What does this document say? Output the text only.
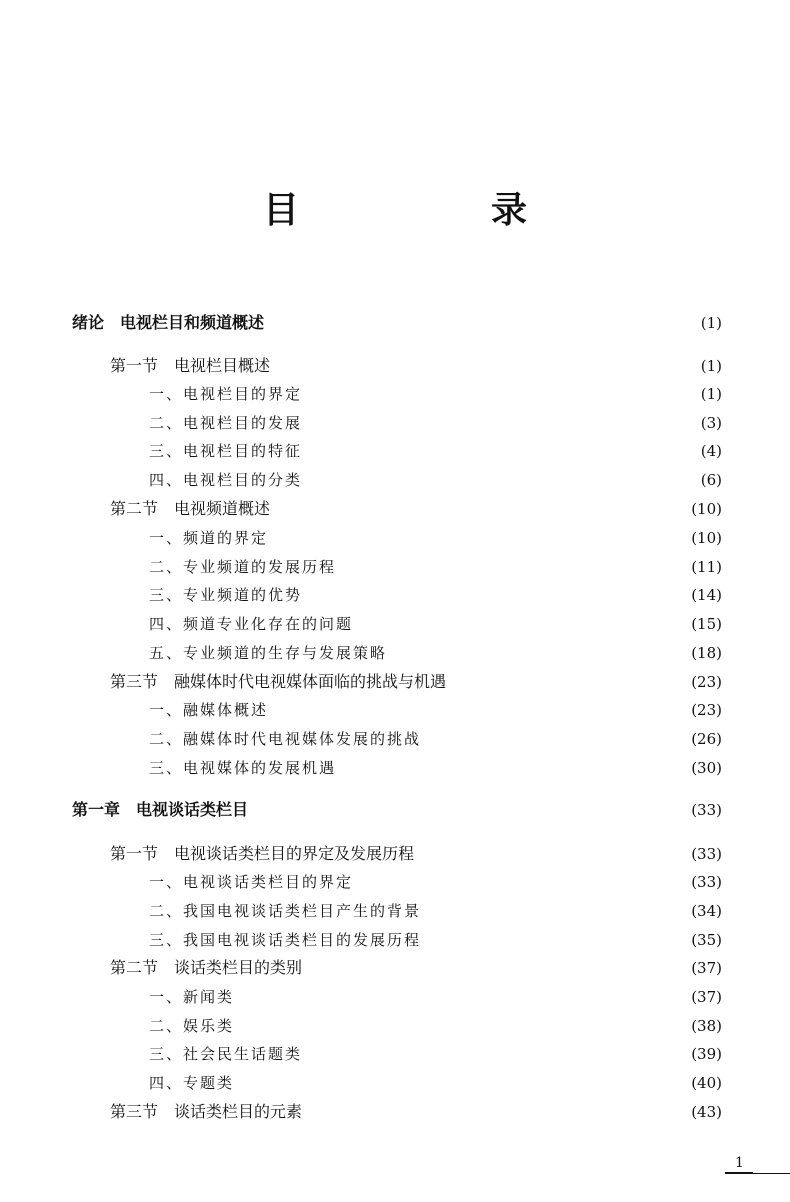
目　录
绪论 电视栏目和频道概述	(1)
第一节 电视栏目概述	(1)
一、电视栏目的界定	(1)
二、电视栏目的发展	(3)
三、电视栏目的特征	(4)
四、电视栏目的分类	(6)
第二节 电视频道概述	(10)
一、频道的界定	(10)
二、专业频道的发展历程	(11)
三、专业频道的优势	(14)
四、频道专业化存在的问题	(15)
五、专业频道的生存与发展策略	(18)
第三节 融媒体时代电视媒体面临的挑战与机遇	(23)
一、融媒体概述	(23)
二、融媒体时代电视媒体发展的挑战	(26)
三、电视媒体的发展机遇	(30)
第一章 电视谈话类栏目	(33)
第一节 电视谈话类栏目的界定及发展历程	(33)
一、电视谈话类栏目的界定	(33)
二、我国电视谈话类栏目产生的背景	(34)
三、我国电视谈话类栏目的发展历程	(35)
第二节 谈话类栏目的类别	(37)
一、新闻类	(37)
二、娱乐类	(38)
三、社会民生话题类	(39)
四、专题类	(40)
第三节 谈话类栏目的元素	(43)
1
